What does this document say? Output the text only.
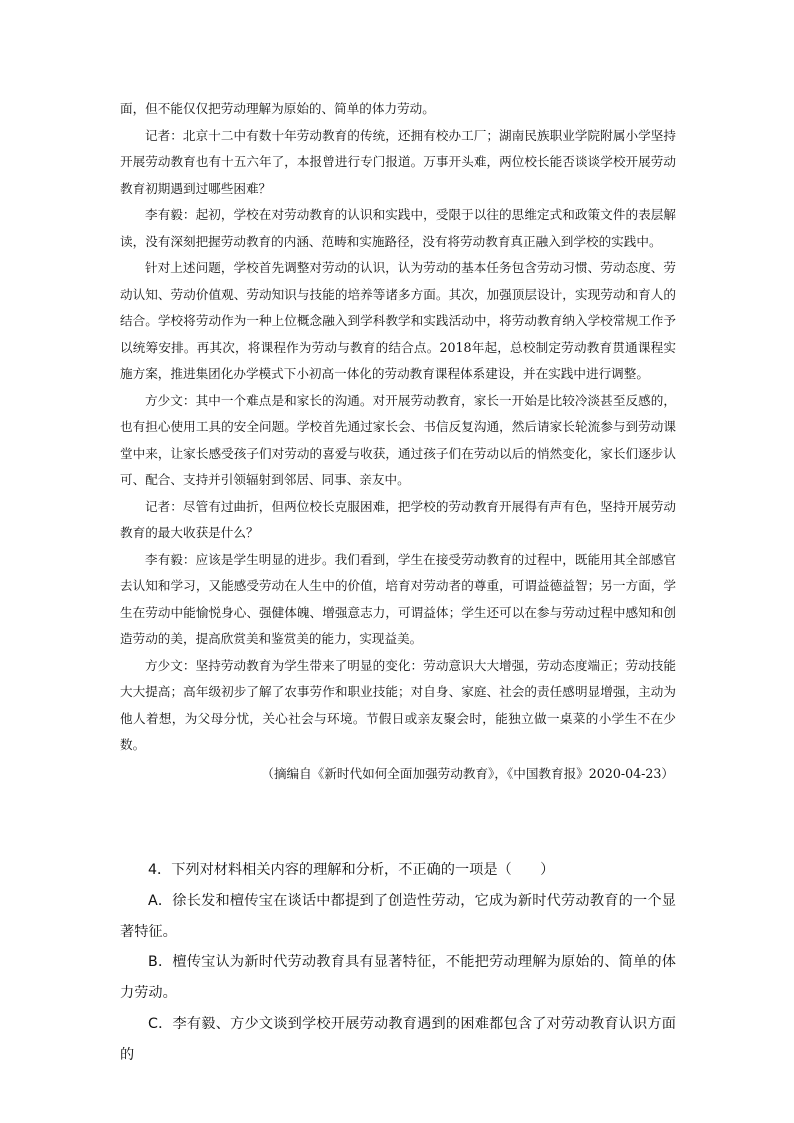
面，但不能仅仅把劳动理解为原始的、简单的体力劳动。

记者：北京十二中有数十年劳动教育的传统，还拥有校办工厂；湖南民族职业学院附属小学坚持开展劳动教育也有十五六年了，本报曾进行专门报道。万事开头难，两位校长能否谈谈学校开展劳动教育初期遇到过哪些困难？

李有毅：起初，学校在对劳动教育的认识和实践中，受限于以往的思维定式和政策文件的表层解读，没有深刻把握劳动教育的内涵、范畴和实施路径，没有将劳动教育真正融入到学校的实践中。

针对上述问题，学校首先调整对劳动的认识，认为劳动的基本任务包含劳动习惯、劳动态度、劳动认知、劳动价值观、劳动知识与技能的培养等诸多方面。其次，加强顶层设计，实现劳动和育人的结合。学校将劳动作为一种上位概念融入到学科教学和实践活动中，将劳动教育纳入学校常规工作予以统筹安排。再其次，将课程作为劳动与教育的结合点。2018年起，总校制定劳动教育贯通课程实施方案，推进集团化办学模式下小初高一体化的劳动教育课程体系建设，并在实践中进行调整。

方少文：其中一个难点是和家长的沟通。对开展劳动教育，家长一开始是比较冷淡甚至反感的，也有担心使用工具的安全问题。学校首先通过家长会、书信反复沟通，然后请家长轮流参与到劳动课堂中来，让家长感受孩子们对劳动的喜爱与收获，通过孩子们在劳动以后的悄然变化，家长们逐步认可、配合、支持并引领辐射到邻居、同事、亲友中。

记者：尽管有过曲折，但两位校长克服困难，把学校的劳动教育开展得有声有色，坚持开展劳动教育的最大收获是什么？

李有毅：应该是学生明显的进步。我们看到，学生在接受劳动教育的过程中，既能用其全部感官去认知和学习，又能感受劳动在人生中的价值，培育对劳动者的尊重，可谓益德益智；另一方面，学生在劳动中能愉悦身心、强健体魄、增强意志力，可谓益体；学生还可以在参与劳动过程中感知和创造劳动的美，提高欣赏美和鉴赏美的能力，实现益美。

方少文：坚持劳动教育为学生带来了明显的变化：劳动意识大大增强，劳动态度端正；劳动技能大大提高；高年级初步了解了农事劳作和职业技能；对自身、家庭、社会的责任感明显增强，主动为他人着想，为父母分忧，关心社会与环境。节假日或亲友聚会时，能独立做一桌菜的小学生不在少数。

（摘编自《新时代如何全面加强劳动教育》，《中国教育报》2020-04-23）

4．下列对材料相关内容的理解和分析，不正确的一项是（　　）

A．徐长发和檀传宝在谈话中都提到了创造性劳动，它成为新时代劳动教育的一个显著特征。

B．檀传宝认为新时代劳动教育具有显著特征，不能把劳动理解为原始的、简单的体力劳动。

C．李有毅、方少文谈到学校开展劳动教育遇到的困难都包含了对劳动教育认识方面的
